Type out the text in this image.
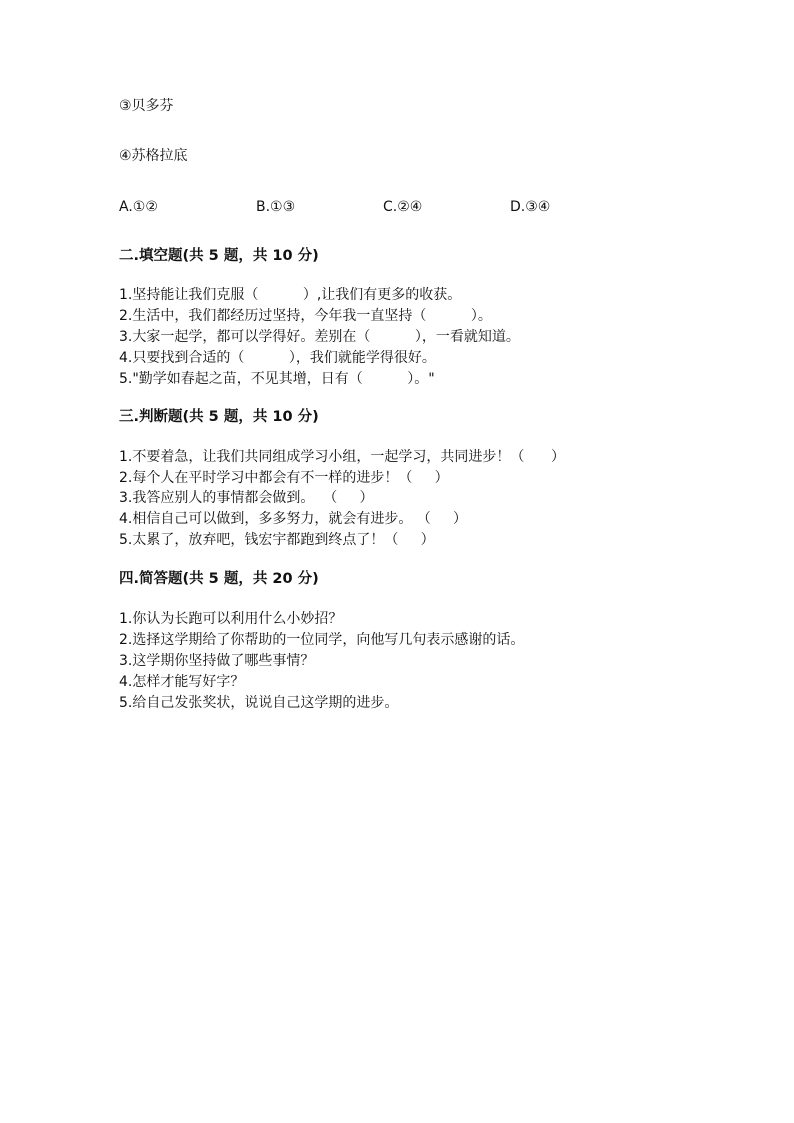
③贝多芬
④苏格拉底
A.①②	B.①③	C.②④	D.③④
二.填空题(共 5 题，共 10 分)
1.坚持能让我们克服（          ）,让我们有更多的收获。
2.生活中，我们都经历过坚持，今年我一直坚持（          ）。
3.大家一起学，都可以学得好。差别在（          ），一看就知道。
4.只要找到合适的（          ），我们就能学得很好。
5."勤学如春起之苗，不见其增，日有（          ）。"
三.判断题(共 5 题，共 10 分)
1.不要着急，让我们共同组成学习小组，一起学习，共同进步！（      ）
2.每个人在平时学习中都会有不一样的进步！（     ）
3.我答应别人的事情都会做到。  （     ）
4.相信自己可以做到，多多努力，就会有进步。 （     ）
5.太累了，放弃吧，钱宏宇都跑到终点了！（     ）
四.简答题(共 5 题，共 20 分)
1.你认为长跑可以利用什么小妙招？
2.选择这学期给了你帮助的一位同学，向他写几句表示感谢的话。
3.这学期你坚持做了哪些事情？
4.怎样才能写好字？
5.给自己发张奖状，说说自己这学期的进步。
